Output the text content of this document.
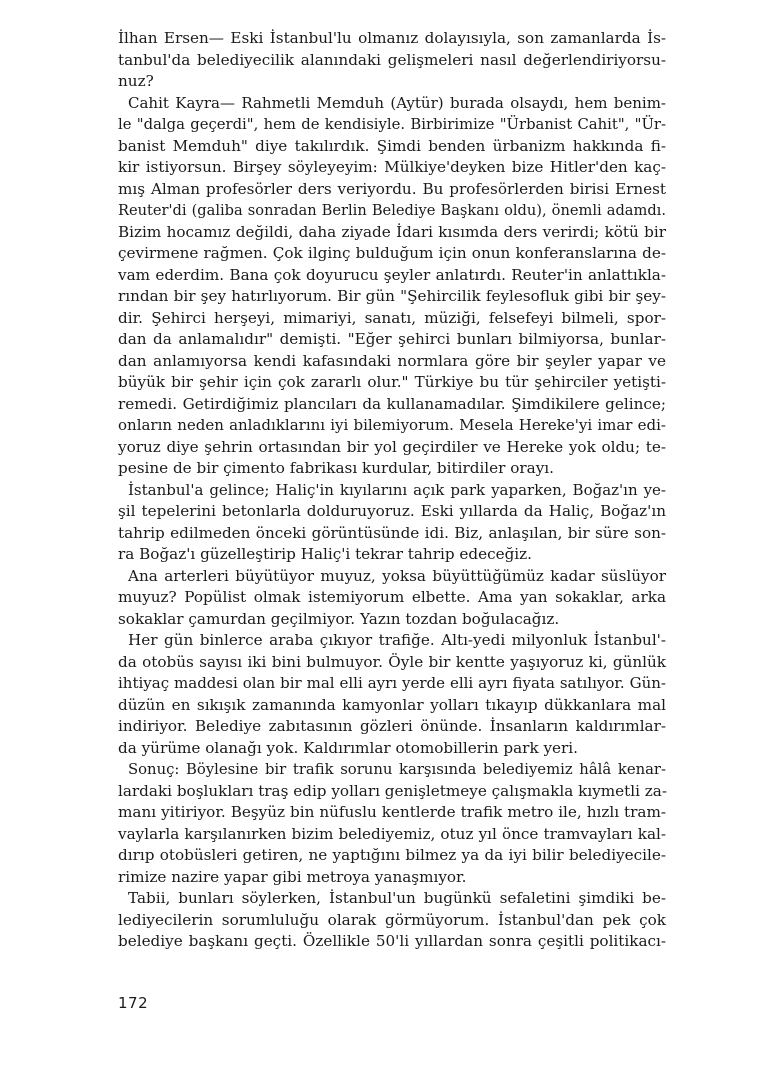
İlhan Ersen— Eski İstanbul'lu olmanız dolayısıyla, son zamanlarda İs-
tanbul'da belediyecilik alanındaki gelişmeleri nasıl değerlendiriyorsu-
nuz?
Cahit Kayra— Rahmetli Memduh (Aytür) burada olsaydı, hem benim-
le "dalga geçerdi", hem de kendisiyle. Birbirimize "Ürbanist Cahit", "Ür-
banist Memduh" diye takılırdık. Şimdi benden ürbanizm hakkında fi-
kir istiyorsun. Birşey söyleyeyim: Mülkiye'deyken bize Hitler'den kaç-
mış Alman profesörler ders veriyordu. Bu profesörlerden birisi Ernest
Reuter'di (galiba sonradan Berlin Belediye Başkanı oldu), önemli adamdı.
Bizim hocamız değildi, daha ziyade İdari kısımda ders verirdi; kötü bir
çevirmene rağmen. Çok ilginç bulduğum için onun konferanslarına de-
vam ederdim. Bana çok doyurucu şeyler anlatırdı. Reuter'in anlattıkla-
rından bir şey hatırlıyorum. Bir gün "Şehircilik feylesofluk gibi bir şey-
dir. Şehirci herşeyi, mimariyi, sanatı, müziği, felsefeyi bilmeli, spor-
dan da anlamalıdır" demişti. "Eğer şehirci bunları bilmiyorsa, bunlar-
dan anlamıyorsa kendi kafasındaki normlara göre bir şeyler yapar ve
büyük bir şehir için çok zararlı olur." Türkiye bu tür şehirciler yetişti-
remedi. Getirdiğimiz plancıları da kullanamadılar. Şimdikilere gelince;
onların neden anladıklarını iyi bilemiyorum. Mesela Hereke'yi imar edi-
yoruz diye şehrin ortasından bir yol geçirdiler ve Hereke yok oldu; te-
pesine de bir çimento fabrikası kurdular, bitirdiler orayı.
İstanbul'a gelince; Haliç'in kıyılarını açık park yaparken, Boğaz'ın ye-
şil tepelerini betonlarla dolduruyoruz. Eski yıllarda da Haliç, Boğaz'ın
tahrip edilmeden önceki görüntüsünde idi. Biz, anlaşılan, bir süre son-
ra Boğaz'ı güzelleştirip Haliç'i tekrar tahrip edeceğiz.
Ana arterleri büyütüyor muyuz, yoksa büyüttüğümüz kadar süslüyor
muyuz? Popülist olmak istemiyorum elbette. Ama yan sokaklar, arka
sokaklar çamurdan geçilmiyor. Yazın tozdan boğulacağız.
Her gün binlerce araba çıkıyor trafiğe. Altı-yedi milyonluk İstanbul'-
da otobüs sayısı iki bini bulmuyor. Öyle bir kentte yaşıyoruz ki, günlük
ihtiyaç maddesi olan bir mal elli ayrı yerde elli ayrı fiyata satılıyor. Gün-
düzün en sıkışık zamanında kamyonlar yolları tıkayıp dükkanlara mal
indiriyor. Belediye zabıtasının gözleri önünde. İnsanların kaldırımlar-
da yürüme olanağı yok. Kaldırımlar otomobillerin park yeri.
Sonuç: Böylesine bir trafik sorunu karşısında belediyemiz hâlâ kenar-
lardaki boşlukları traş edip yolları genişletmeye çalışmakla kıymetli za-
manı yitiriyor. Beşyüz bin nüfuslu kentlerde trafik metro ile, hızlı tram-
vaylarla karşılanırken bizim belediyemiz, otuz yıl önce tramvayları kal-
dırıp otobüsleri getiren, ne yaptığını bilmez ya da iyi bilir belediyecile-
rimize nazire yapar gibi metroya yanaşmıyor.
Tabii, bunları söylerken, İstanbul'un bugünkü sefaletini şimdiki be-
lediyecilerin sorumluluğu olarak görmüyorum. İstanbul'dan pek çok
belediye başkanı geçti. Özellikle 50'li yıllardan sonra çeşitli politikacı-
172
